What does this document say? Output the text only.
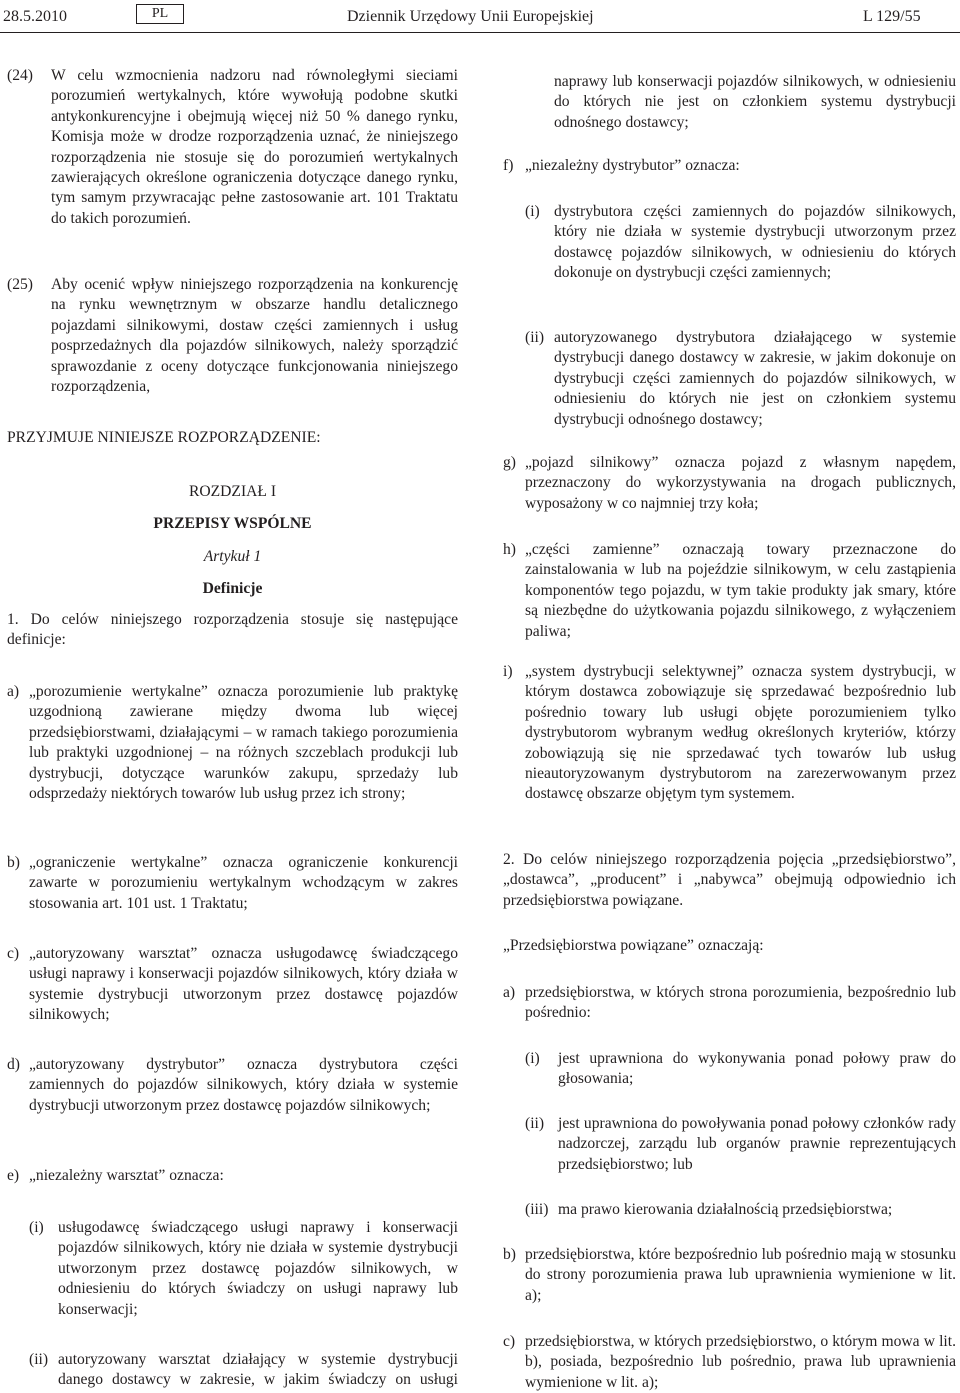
28.5.2010	PL	Dziennik Urzędowy Unii Europejskiej	L 129/55
(24) W celu wzmocnienia nadzoru nad równoległymi sieciami porozumień wertykalnych, które wywołują podobne skutki antykonkurencyjne i obejmują więcej niż 50 % danego rynku, Komisja może w drodze rozporządzenia uznać, że niniejszego rozporządzenia nie stosuje się do porozumień wertykalnych zawierających określone ograniczenia dotyczące danego rynku, tym samym przywracając pełne zastosowanie art. 101 Traktatu do takich porozumień.

(25) Aby ocenić wpływ niniejszego rozporządzenia na konkurencję na rynku wewnętrznym w obszarze handlu detalicznego pojazdami silnikowymi, dostaw części zamiennych i usług posprzedażnych dla pojazdów silnikowych, należy sporządzić sprawozdanie z oceny dotyczące funkcjonowania niniejszego rozporządzenia,

PRZYJMUJE NINIEJSZE ROZPORZĄDZENIE:
ROZDZIAŁ I
PRZEPISY WSPÓLNE
Artykuł 1
Definicje

1. Do celów niniejszego rozporządzenia stosuje się następujące definicje:

a) „porozumienie wertykalne” oznacza porozumienie lub praktykę uzgodnioną zawierane między dwoma lub więcej przedsiębiorstwami, działającymi – w ramach takiego porozumienia lub praktyki uzgodnionej – na różnych szczeblach produkcji lub dystrybucji, dotyczące warunków zakupu, sprzedaży lub odsprzedaży niektórych towarów lub usług przez ich strony;

b) „ograniczenie wertykalne” oznacza ograniczenie konkurencji zawarte w porozumieniu wertykalnym wchodzącym w zakres stosowania art. 101 ust. 1 Traktatu;

c) „autoryzowany warsztat” oznacza usługodawcę świadczącego usługi naprawy i konserwacji pojazdów silnikowych, który działa w systemie dystrybucji utworzonym przez dostawcę pojazdów silnikowych;

d) „autoryzowany dystrybutor” oznacza dystrybutora części zamiennych do pojazdów silnikowych, który działa w systemie dystrybucji utworzonym przez dostawcę pojazdów silnikowych;

e) „niezależny warsztat” oznacza:

(i) usługodawcę świadczącego usługi naprawy i konserwacji pojazdów silnikowych, który nie działa w systemie dystrybucji utworzonym przez dostawcę pojazdów silnikowych, w odniesieniu do których świadczy on usługi naprawy lub konserwacji;

(ii) autoryzowany warsztat działający w systemie dystrybucji danego dostawcy w zakresie, w jakim świadczy on usługi

naprawy lub konserwacji pojazdów silnikowych, w odniesieniu do których nie jest on członkiem systemu dystrybucji odnośnego dostawcy;

f) „niezależny dystrybutor” oznacza:

(i) dystrybutora części zamiennych do pojazdów silnikowych, który nie działa w systemie dystrybucji utworzonym przez dostawcę pojazdów silnikowych, w odniesieniu do których dokonuje on dystrybucji części zamiennych;

(ii) autoryzowanego dystrybutora działającego w systemie dystrybucji danego dostawcy w zakresie, w jakim dokonuje on dystrybucji części zamiennych do pojazdów silnikowych, w odniesieniu do których nie jest on członkiem systemu dystrybucji odnośnego dostawcy;

g) „pojazd silnikowy” oznacza pojazd z własnym napędem, przeznaczony do wykorzystywania na drogach publicznych, wyposażony w co najmniej trzy koła;

h) „części zamienne” oznaczają towary przeznaczone do zainstalowania w lub na pojeździe silnikowym, w celu zastąpienia komponentów tego pojazdu, w tym takie produkty jak smary, które są niezbędne do użytkowania pojazdu silnikowego, z wyłączeniem paliwa;

i) „system dystrybucji selektywnej” oznacza system dystrybucji, w którym dostawca zobowiązuje się sprzedawać bezpośrednio lub pośrednio towary lub usługi objęte porozumieniem tylko dystrybutorom wybranym według określonych kryteriów, którzy zobowiązują się nie sprzedawać tych towarów lub usług nieautoryzowanym dystrybutorom na zarezerwowanym przez dostawcę obszarze objętym tym systemem.

2. Do celów niniejszego rozporządzenia pojęcia „przedsiębiorstwo”, „dostawca”, „producent” i „nabywca” obejmują odpowiednio ich przedsiębiorstwa powiązane.

„Przedsiębiorstwa powiązane” oznaczają:

a) przedsiębiorstwa, w których strona porozumienia, bezpośrednio lub pośrednio:

(i) jest uprawniona do wykonywania ponad połowy praw do głosowania;

(ii) jest uprawniona do powoływania ponad połowy członków rady nadzorczej, zarządu lub organów prawnie reprezentujących przedsiębiorstwo; lub

(iii) ma prawo kierowania działalnością przedsiębiorstwa;

b) przedsiębiorstwa, które bezpośrednio lub pośrednio mają w stosunku do strony porozumienia prawa lub uprawnienia wymienione w lit. a);

c) przedsiębiorstwa, w których przedsiębiorstwo, o którym mowa w lit. b), posiada, bezpośrednio lub pośrednio, prawa lub uprawnienia wymienione w lit. a);
